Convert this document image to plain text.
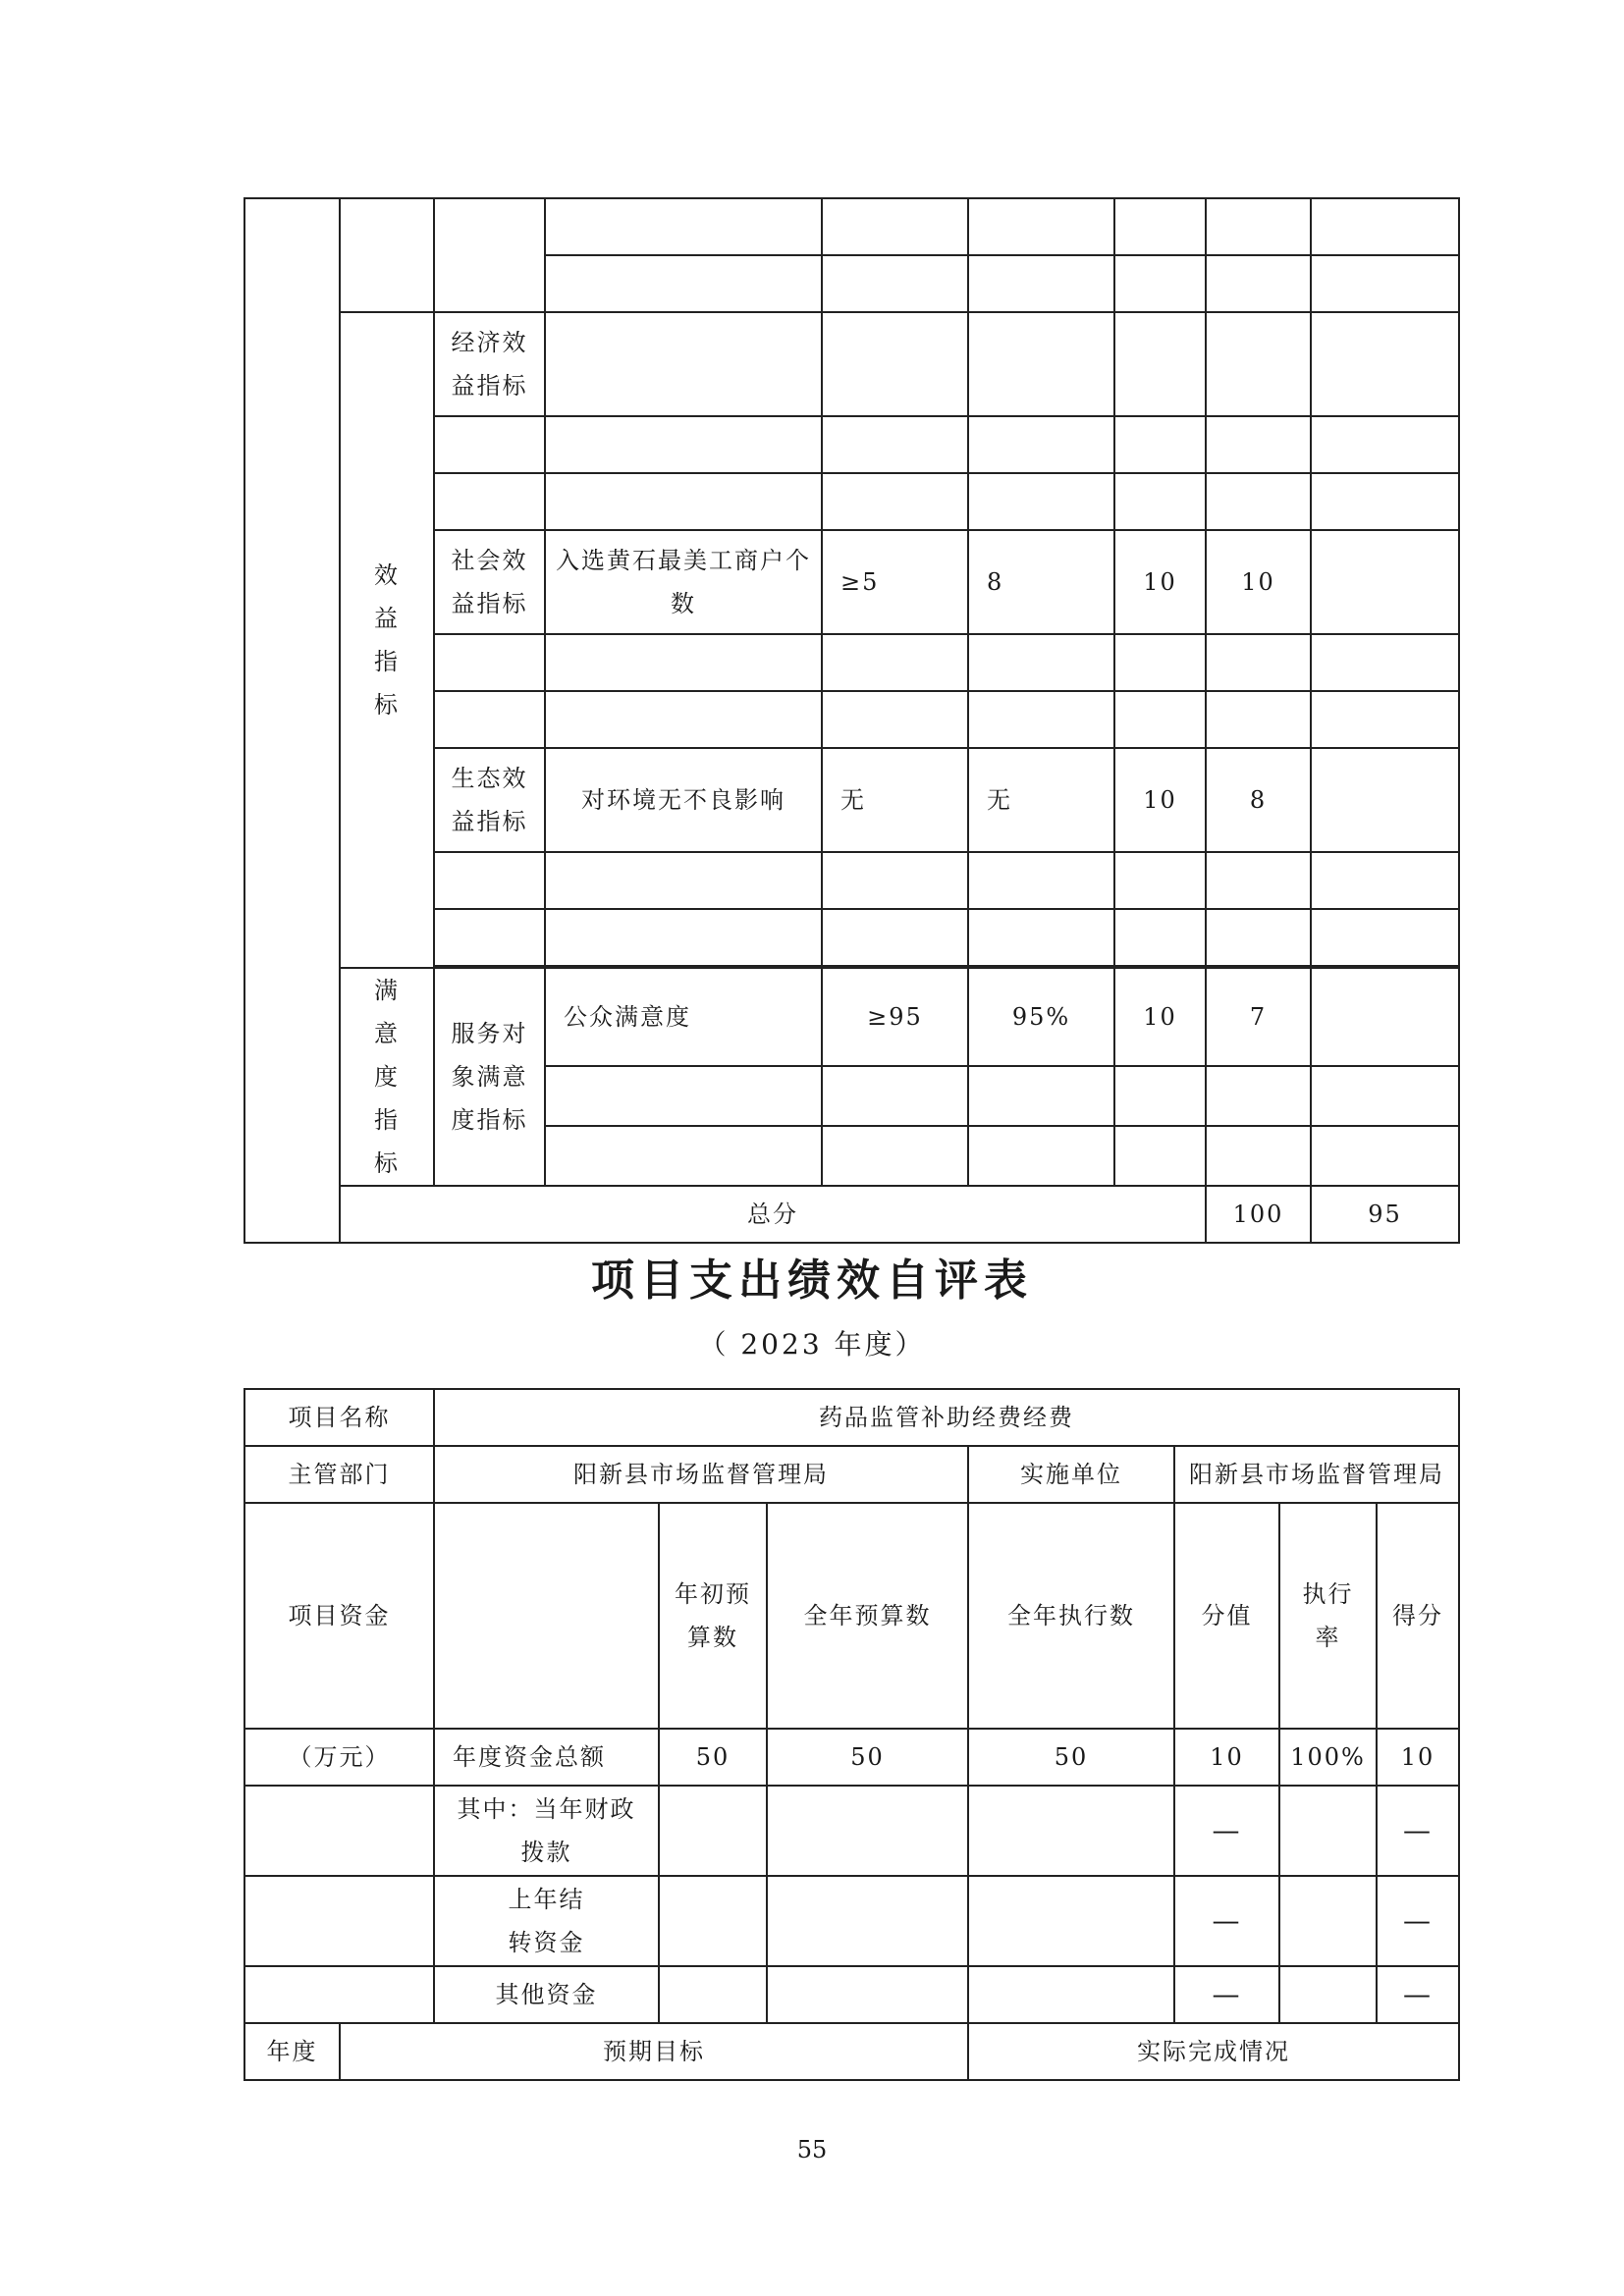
	效益指标	经济效益指标							

		社会效益指标	入选黄石最美工商户个数	≥5	8	10	10		

		生态效益指标	对环境无不良影响	无	无	10	8		

	满意度指标	服务对象满意度指标	公众满意度	≥95	95%	10	7		

	总分						100	95	
项目支出绩效自评表
（ 2023 年度）
项目名称		药品监管补助经费经费						
主管部门		阳新县市场监督管理局			实施单位	阳新县市场监督管理局		
项目资金			年初预算数	全年预算数	全年执行数	分值	执行率	得分
（万元）		年度资金总额	50	50	50	10	100%	10
		其中：当年财政拨款				—		—
		上年结转资金				—		—
		其他资金				—		—
年度	预期目标				实际完成情况			
55
